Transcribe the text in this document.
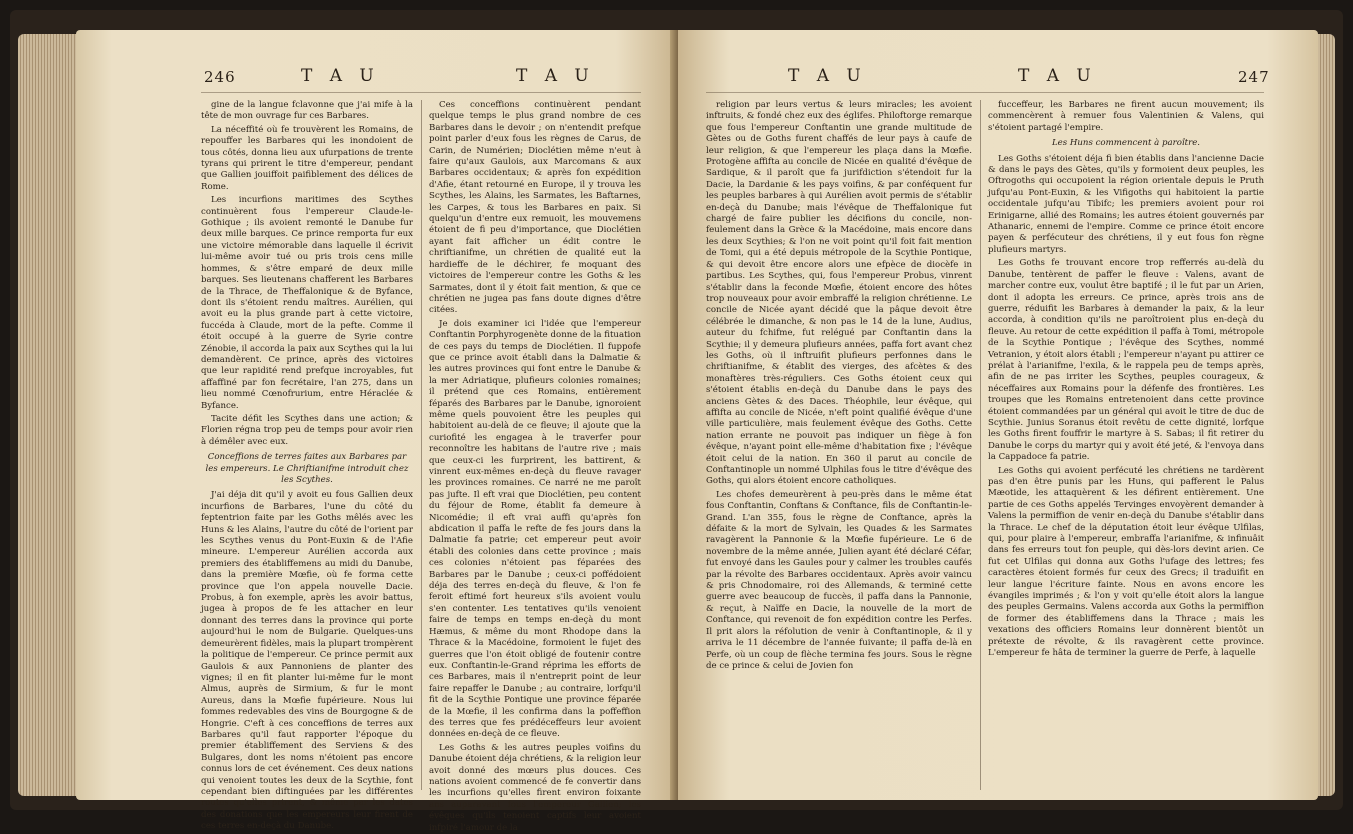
246	T A U	T A U

gine de la langue fclavonne que j'ai mife à la tête de mon ouvrage fur ces Barbares.

La néceffité où fe trouvèrent les Romains, de repouffer les Barbares qui les inondoient de tous côtés, donna lieu aux ufurpations de trente tyrans qui prirent le titre d'empereur, pendant que Gallien jouiffoit paifiblement des délices de Rome.

Les incurfions maritimes des Scythes continuèrent fous l'empereur Claude-le-Gothique ; ils avoient remonté le Danube fur deux mille barques. Ce prince remporta fur eux une victoire mémorable dans laquelle il écrivit lui-même avoir tué ou pris trois cens mille hommes, & s'être emparé de deux mille barques. Ses lieutenans chafferent les Barbares de la Thrace, de Theffalonique & de Byfance, dont ils s'étoient rendu maîtres. Aurélien, qui avoit eu la plus grande part à cette victoire, fuccéda à Claude, mort de la pefte. Comme il étoit occupé à la guerre de Syrie contre Zénobie, il accorda la paix aux Scythes qui la lui demandèrent. Ce prince, après des victoires que leur rapidité rend prefque incroyables, fut affaffiné par fon fecrétaire, l'an 275, dans un lieu nommé Cœnofrurium, entre Héraclée & Byfance.

Tacite défit les Scythes dans une action; & Florien régna trop peu de temps pour avoir rien à démêler avec eux.

Conceffions de terres faites aux Barbares par les empereurs. Le Chriftianifme introduit chez les Scythes.

J'ai déja dit qu'il y avoit eu fous Gallien deux incurfions de Barbares, l'une du côté du feptentrion faite par les Goths mêlés avec les Huns & les Alains, l'autre du côté de l'orient par les Scythes venus du Pont-Euxin & de l'Afie mineure. L'empereur Aurélien accorda aux premiers des établiffemens au midi du Danube, dans la première Mœfie, où fe forma cette province que l'on appela nouvelle Dacie. Probus, à fon exemple, après les avoir battus, jugea à propos de fe les attacher en leur donnant des terres dans la province qui porte aujourd'hui le nom de Bulgarie. Quelques-uns demeurèrent fidèles, mais la plupart trompèrent la politique de l'empereur. Ce prince permit aux Gaulois & aux Pannoniens de planter des vignes; il en fit planter lui-même fur le mont Almus, auprès de Sirmium, & fur le mont Aureus, dans la Mœfie fupérieure. Nous lui fommes redevables des vins de Bourgogne & de Hongrie. C'eft à ces conceffions de terres aux Barbares qu'il faut rapporter l'époque du premier établiffement des Serviens & des Bulgares, dont les noms n'étoient pas encore connus lors de cet événement. Ces deux nations qui venoient toutes les deux de la Scythie, font cependant bien diftinguées par les différentes routes qu'elles prirent, & même par les dates des donations que les empereurs leur firent de ces terres en-deçà du Danube.

Ces conceffions continuèrent pendant quelque temps le plus grand nombre de ces Barbares dans le devoir ; on n'entendit prefque point parler d'eux fous les règnes de Carus, de Carin, de Numérien; Dioclétien même n'eut à faire qu'aux Gaulois, aux Marcomans & aux Barbares occidentaux; & après fon expédition d'Afie, étant retourné en Europe, il y trouva les Scythes, les Alains, les Sarmates, les Baftarnes, les Carpes, & tous les Barbares en paix. Si quelqu'un d'entre eux remuoit, les mouvemens étoient de fi peu d'importance, que Dioclétien ayant fait afficher un édit contre le chriftianifme, un chrétien de qualité eut la hardieffe de le déchirer, fe moquant des victoires de l'empereur contre les Goths & les Sarmates, dont il y étoit fait mention, & que ce chrétien ne jugea pas fans doute dignes d'être citées.

Je dois examiner ici l'idée que l'empereur Conftantin Porphyrogenète donne de la fituation de ces pays du temps de Dioclétien. Il fuppofe que ce prince avoit établi dans la Dalmatie & les autres provinces qui font entre le Danube & la mer Adriatique, plufieurs colonies romaines; il prétend que ces Romains, entièrement féparés des Barbares par le Danube, ignoroient même quels pouvoient être les peuples qui habitoient au-delà de ce fleuve; il ajoute que la curiofité les engagea à le traverfer pour reconnoître les habitans de l'autre rive ; mais que ceux-ci les furprirent, les battirent, & vinrent eux-mêmes en-deçà du fleuve ravager les provinces romaines. Ce narré ne me paroît pas jufte. Il eft vrai que Dioclétien, peu content du féjour de Rome, établit fa demeure à Nicomédie; il eft vrai auffi qu'après fon abdication il paffa le refte de fes jours dans la Dalmatie fa patrie; cet empereur peut avoir établi des colonies dans cette province ; mais ces colonies n'étoient pas féparées des Barbares par le Danube ; ceux-ci poffédoient déja des terres en-deçà du fleuve, & l'on fe feroit eftimé fort heureux s'ils avoient voulu s'en contenter. Les tentatives qu'ils venoient faire de temps en temps en-deçà du mont Hæmus, & même du mont Rhodope dans la Thrace & la Macédoine, formoient le fujet des guerres que l'on étoit obligé de foutenir contre eux. Conftantin-le-Grand réprima les efforts de ces Barbares, mais il n'entreprit point de leur faire repaffer le Danube ; au contraire, lorfqu'il fit de la Scythie Pontique une province féparée de la Mœfie, il les confirma dans la poffeffion des terres que fes prédéceffeurs leur avoient données en-deçà de ce fleuve.

Les Goths & les autres peuples voifins du Danube étoient déja chrétiens, & la religion leur avoit donné des mœurs plus douces. Ces nations avoient commencé de fe convertir dans les incurfions qu'elles firent environ foixante ans auparavant fous l'empereur Gallien; les évêques qu'ils tenoient captifs leur avoient infpiré l'amour de la

T A U	T A U	247

religion par leurs vertus & leurs miracles; les avoient inftruits, & fondé chez eux des églifes. Philoftorge remarque que fous l'empereur Conftantin une grande multitude de Gètes ou de Goths furent chaffés de leur pays à caufe de leur religion, & que l'empereur les plaça dans la Mœfie. Protogène affifta au concile de Nicée en qualité d'évêque de Sardique, & il paroît que fa jurifdiction s'étendoit fur la Dacie, la Dardanie & les pays voifins, & par conféquent fur les peuples barbares à qui Aurélien avoit permis de s'établir en-deçà du Danube; mais l'évêque de Theffalonique fut chargé de faire publier les décifions du concile, non-feulement dans la Grèce & la Macédoine, mais encore dans les deux Scythies; & l'on ne voit point qu'il foit fait mention de Tomi, qui a été depuis métropole de la Scythie Pontique, & qui devoit être encore alors une efpèce de diocèfe in partibus. Les Scythes, qui, fous l'empereur Probus, vinrent s'établir dans la feconde Mœfie, étoient encore des hôtes trop nouveaux pour avoir embraffé la religion chrétienne. Le concile de Nicée ayant décidé que la pâque devoit être célébrée le dimanche, & non pas le 14 de la lune, Audius, auteur du fchifme, fut relégué par Conftantin dans la Scythie; il y demeura plufieurs années, paffa fort avant chez les Goths, où il inftruifit plufieurs perfonnes dans le chriftianifme, & établit des vierges, des afcètes & des monaftères très-réguliers. Ces Goths étoient ceux qui s'étoient établis en-deçà du Danube dans le pays des anciens Gètes & des Daces. Théophile, leur évêque, qui affifta au concile de Nicée, n'eft point qualifié évêque d'une ville particulière, mais feulement évêque des Goths. Cette nation errante ne pouvoit pas indiquer un fiège à fon évêque, n'ayant point elle-même d'habitation fixe ; l'évêque étoit celui de la nation. En 360 il parut au concile de Conftantinople un nommé Ulphilas fous le titre d'évêque des Goths, qui alors étoient encore catholiques.

Les chofes demeurèrent à peu-près dans le même état fous Conftantin, Conftans & Conftance, fils de Conftantin-le-Grand. L'an 355, fous le règne de Conftance, après la défaite & la mort de Sylvain, les Quades & les Sarmates ravagèrent la Pannonie & la Mœfie fupérieure. Le 6 de novembre de la même année, Julien ayant été déclaré Céfar, fut envoyé dans les Gaules pour y calmer les troubles caufés par la révolte des Barbares occidentaux. Après avoir vaincu & pris Chnodomaire, roi des Allemands, & terminé cette guerre avec beaucoup de fuccès, il paffa dans la Pannonie, & reçut, à Naïffe en Dacie, la nouvelle de la mort de Conftance, qui revenoit de fon expédition contre les Perfes. Il prit alors la réfolution de venir à Conftantinople, & il y arriva le 11 décembre de l'année fuivante; il paffa de-là en Perfe, où un coup de flèche termina fes jours. Sous le règne de ce prince & celui de Jovien fon

fucceffeur, les Barbares ne firent aucun mouvement; ils commencèrent à remuer fous Valentinien & Valens, qui s'étoient partagé l'empire.

Les Huns commencent à paroître.

Les Goths s'étoient déja fi bien établis dans l'ancienne Dacie & dans le pays des Gètes, qu'ils y formoient deux peuples, les Oftrogoths qui occupoient la région orientale depuis le Pruth jufqu'au Pont-Euxin, & les Vifigoths qui habitoient la partie occidentale jufqu'au Tibifc; les premiers avoient pour roi Erinigarne, allié des Romains; les autres étoient gouvernés par Athanaric, ennemi de l'empire. Comme ce prince étoit encore payen & perfécuteur des chrétiens, il y eut fous fon règne plufieurs martyrs.

Les Goths fe trouvant encore trop refferrés au-delà du Danube, tentèrent de paffer le fleuve : Valens, avant de marcher contre eux, voulut être baptifé ; il le fut par un Arien, dont il adopta les erreurs. Ce prince, après trois ans de guerre, réduifit les Barbares à demander la paix, & la leur accorda, à condition qu'ils ne paroîtroient plus en-deçà du fleuve. Au retour de cette expédition il paffa à Tomi, métropole de la Scythie Pontique ; l'évêque des Scythes, nommé Vetranion, y étoit alors établi ; l'empereur n'ayant pu attirer ce prélat à l'arianifme, l'exila, & le rappela peu de temps après, afin de ne pas irriter les Scythes, peuples courageux, & néceffaires aux Romains pour la défenfe des frontières. Les troupes que les Romains entretenoient dans cette province étoient commandées par un général qui avoit le titre de duc de Scythie. Junius Soranus étoit revêtu de cette dignité, lorfque les Goths firent fouffrir le martyre à S. Sabas; il fit retirer du Danube le corps du martyr qui y avoit été jeté, & l'envoya dans la Cappadoce fa patrie.

Les Goths qui avoient perfécuté les chrétiens ne tardèrent pas d'en être punis par les Huns, qui pafferent le Palus Mæotide, les attaquèrent & les défirent entièrement. Une partie de ces Goths appelés Tervinges envoyèrent demander à Valens la permiffion de venir en-deçà du Danube s'établir dans la Thrace. Le chef de la députation étoit leur évêque Ulfilas, qui, pour plaire à l'empereur, embraffa l'arianifme, & infinuâit dans fes erreurs tout fon peuple, qui dès-lors devint arien. Ce fut cet Ulfilas qui donna aux Goths l'ufage des lettres; fes caractères étoient formés fur ceux des Grecs; il traduifit en leur langue l'écriture fainte. Nous en avons encore les évangiles imprimés ; & l'on y voit qu'elle étoit alors la langue des peuples Germains. Valens accorda aux Goths la permiffion de former des établiffemens dans la Thrace ; mais les vexations des officiers Romains leur donnèrent bientôt un prétexte de révolte, & ils ravagèrent cette province. L'empereur fe hâta de terminer la guerre de Perfe, à laquelle
